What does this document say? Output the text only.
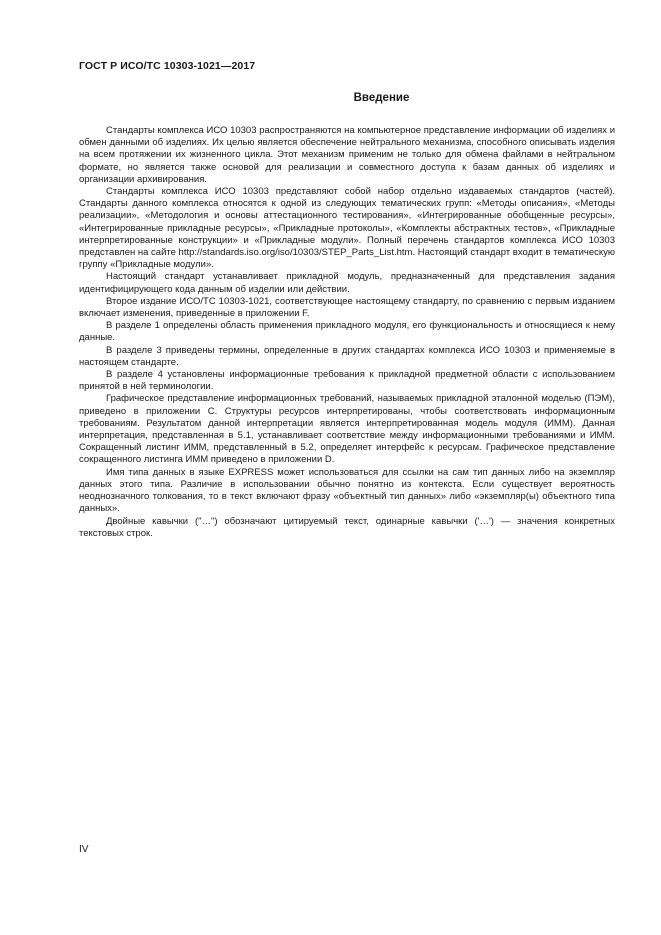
ГОСТ Р ИСО/ТС 10303-1021—2017
Введение

Стандарты комплекса ИСО 10303 распространяются на компьютерное представление информации об изделиях и обмен данными об изделиях. Их целью является обеспечение нейтрального механизма, способного описывать изделия на всем протяжении их жизненного цикла. Этот механизм применим не только для обмена файлами в нейтральном формате, но является также основой для реализации и совместного доступа к базам данных об изделиях и организации архивирования.

Стандарты комплекса ИСО 10303 представляют собой набор отдельно издаваемых стандартов (частей). Стандарты данного комплекса относятся к одной из следующих тематических групп: «Методы описания», «Методы реализации», «Методология и основы аттестационного тестирования», «Интегрированные обобщенные ресурсы», «Интегрированные прикладные ресурсы», «Прикладные протоколы», «Комплекты абстрактных тестов», «Прикладные интерпретированные конструкции» и «Прикладные модули». Полный перечень стандартов комплекса ИСО 10303 представлен на сайте http://standards.iso.org/iso/10303/STEP_Parts_List.htm. Настоящий стандарт входит в тематическую группу «Прикладные модули».

Настоящий стандарт устанавливает прикладной модуль, предназначенный для представления задания идентифицирующего кода данным об изделии или действии.

Второе издание ИСО/ТС 10303-1021, соответствующее настоящему стандарту, по сравнению с первым изданием включает изменения, приведенные в приложении F.

В разделе 1 определены область применения прикладного модуля, его функциональность и относящиеся к нему данные.

В разделе 3 приведены термины, определенные в других стандартах комплекса ИСО 10303 и применяемые в настоящем стандарте.

В разделе 4 установлены информационные требования к прикладной предметной области с использованием принятой в ней терминологии.

Графическое представление информационных требований, называемых прикладной эталонной моделью (ПЭМ), приведено в приложении С. Структуры ресурсов интерпретированы, чтобы соответствовать информационным требованиям. Результатом данной интерпретации является интерпретированная модель модуля (ИММ). Данная интерпретация, представленная в 5.1, устанавливает соответствие между информационными требованиями и ИММ. Сокращенный листинг ИММ, представленный в 5.2, определяет интерфейс к ресурсам. Графическое представление сокращенного листинга ИММ приведено в приложении D.

Имя типа данных в языке EXPRESS может использоваться для ссылки на сам тип данных либо на экземпляр данных этого типа. Различие в использовании обычно понятно из контекста. Если существует вероятность неоднозначного толкования, то в текст включают фразу «объектный тип данных» либо «экземпляр(ы) объектного типа данных».

Двойные кавычки ("…") обозначают цитируемый текст, одинарные кавычки ('…') — значения конкретных текстовых строк.

IV
